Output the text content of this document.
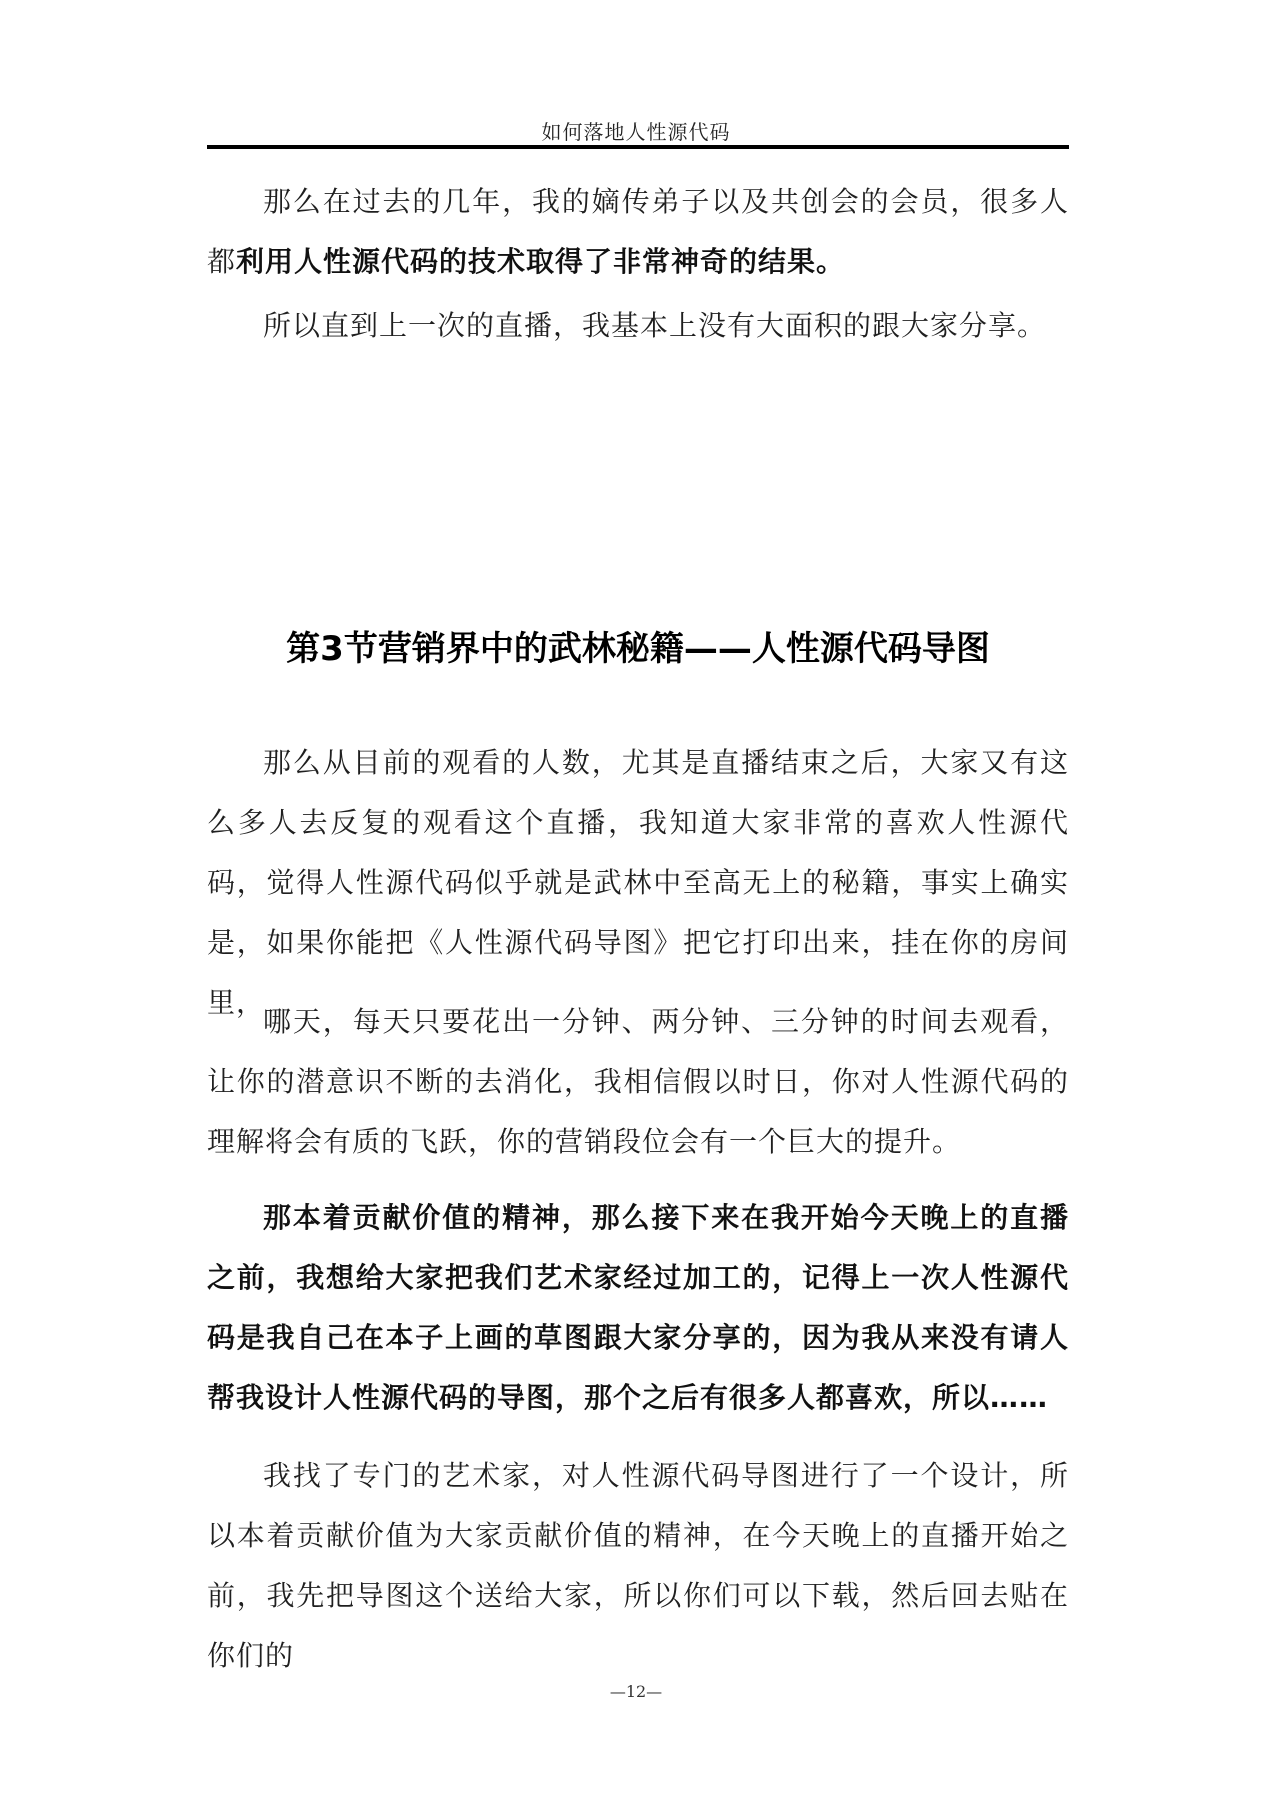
如何落地人性源代码

那么在过去的几年，我的嫡传弟子以及共创会的会员，很多人都利用人性源代码的技术取得了非常神奇的结果。

所以直到上一次的直播，我基本上没有大面积的跟大家分享。

第3节营销界中的武林秘籍——人性源代码导图

那么从目前的观看的人数，尤其是直播结束之后，大家又有这么多人去反复的观看这个直播，我知道大家非常的喜欢人性源代码，觉得人性源代码似乎就是武林中至高无上的秘籍，事实上确实是，如果你能把《人性源代码导图》把它打印出来，挂在你的房间里，

哪天，每天只要花出一分钟、两分钟、三分钟的时间去观看，让你的潜意识不断的去消化，我相信假以时日，你对人性源代码的理解将会有质的飞跃，你的营销段位会有一个巨大的提升。

那本着贡献价值的精神，那么接下来在我开始今天晚上的直播之前，我想给大家把我们艺术家经过加工的，记得上一次人性源代码是我自己在本子上画的草图跟大家分享的，因为我从来没有请人帮我设计人性源代码的导图，那个之后有很多人都喜欢，所以……

我找了专门的艺术家，对人性源代码导图进行了一个设计，所以本着贡献价值为大家贡献价值的精神，在今天晚上的直播开始之前，我先把导图这个送给大家，所以你们可以下载，然后回去贴在你们的

—12—
